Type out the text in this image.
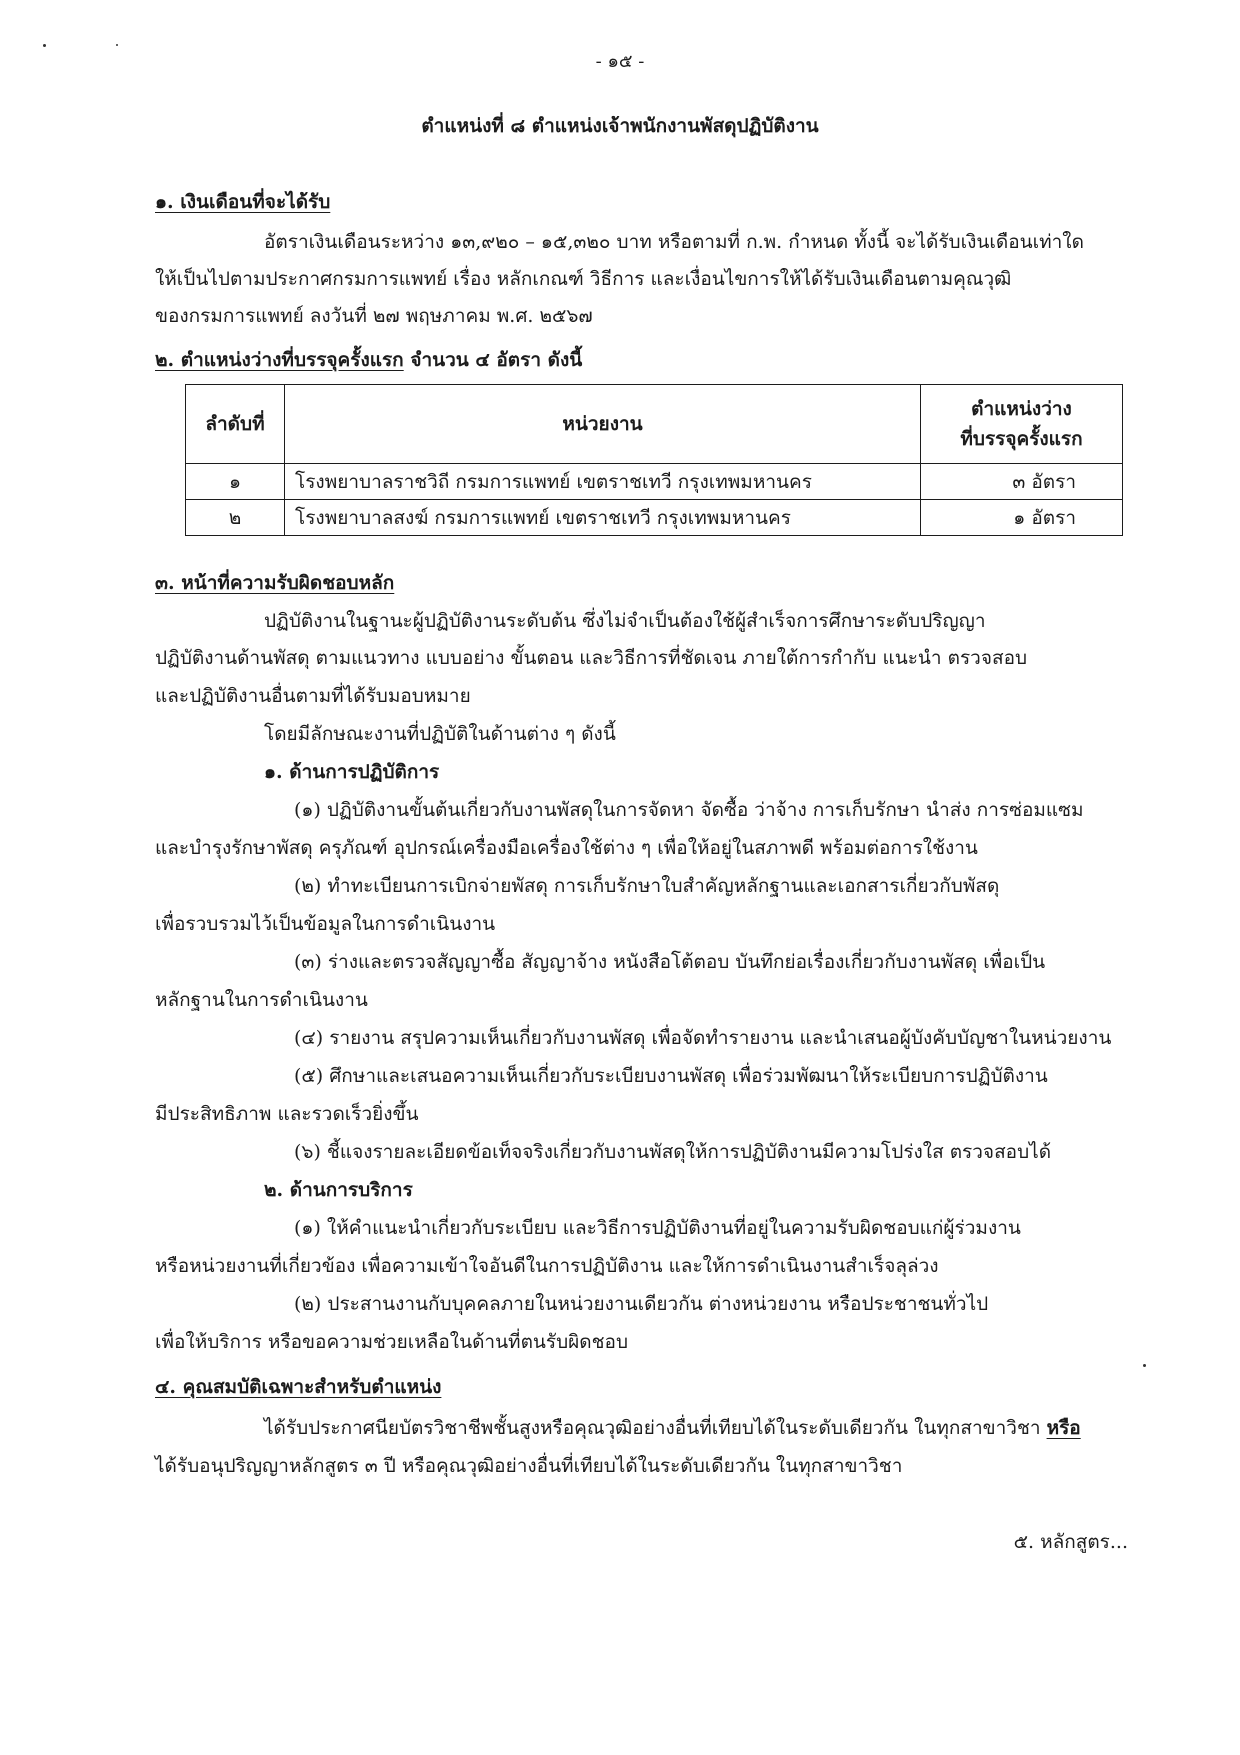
- ๑๕ -
ตำแหน่งที่ ๘ ตำแหน่งเจ้าพนักงานพัสดุปฏิบัติงาน
๑. เงินเดือนที่จะได้รับ
อัตราเงินเดือนระหว่าง ๑๓,๙๒๐ – ๑๕,๓๒๐ บาท หรือตามที่ ก.พ. กำหนด ทั้งนี้ จะได้รับเงินเดือนเท่าใด
ให้เป็นไปตามประกาศกรมการแพทย์ เรื่อง หลักเกณฑ์ วิธีการ และเงื่อนไขการให้ได้รับเงินเดือนตามคุณวุฒิ
ของกรมการแพทย์ ลงวันที่ ๒๗ พฤษภาคม พ.ศ. ๒๕๖๗
๒. ตำแหน่งว่างที่บรรจุครั้งแรก จำนวน ๔ อัตรา ดังนี้
ลำดับที่	หน่วยงาน	ตำแหน่งว่าง
ที่บรรจุครั้งแรก

๑	โรงพยาบาลราชวิถี กรมการแพทย์ เขตราชเทวี กรุงเทพมหานคร	๓ อัตรา
๒	โรงพยาบาลสงฆ์ กรมการแพทย์ เขตราชเทวี กรุงเทพมหานคร	๑ อัตรา
๓. หน้าที่ความรับผิดชอบหลัก
ปฏิบัติงานในฐานะผู้ปฏิบัติงานระดับต้น ซึ่งไม่จำเป็นต้องใช้ผู้สำเร็จการศึกษาระดับปริญญา
ปฏิบัติงานด้านพัสดุ ตามแนวทาง แบบอย่าง ขั้นตอน และวิธีการที่ชัดเจน ภายใต้การกำกับ แนะนำ ตรวจสอบ
และปฏิบัติงานอื่นตามที่ได้รับมอบหมาย
โดยมีลักษณะงานที่ปฏิบัติในด้านต่าง ๆ ดังนี้
๑. ด้านการปฏิบัติการ
(๑) ปฏิบัติงานขั้นต้นเกี่ยวกับงานพัสดุในการจัดหา จัดซื้อ ว่าจ้าง การเก็บรักษา นำส่ง การซ่อมแซม
และบำรุงรักษาพัสดุ ครุภัณฑ์ อุปกรณ์เครื่องมือเครื่องใช้ต่าง ๆ เพื่อให้อยู่ในสภาพดี พร้อมต่อการใช้งาน
(๒) ทำทะเบียนการเบิกจ่ายพัสดุ การเก็บรักษาใบสำคัญหลักฐานและเอกสารเกี่ยวกับพัสดุ
เพื่อรวบรวมไว้เป็นข้อมูลในการดำเนินงาน
(๓) ร่างและตรวจสัญญาซื้อ สัญญาจ้าง หนังสือโต้ตอบ บันทึกย่อเรื่องเกี่ยวกับงานพัสดุ เพื่อเป็น
หลักฐานในการดำเนินงาน
(๔) รายงาน สรุปความเห็นเกี่ยวกับงานพัสดุ เพื่อจัดทำรายงาน และนำเสนอผู้บังคับบัญชาในหน่วยงาน
(๕) ศึกษาและเสนอความเห็นเกี่ยวกับระเบียบงานพัสดุ เพื่อร่วมพัฒนาให้ระเบียบการปฏิบัติงาน
มีประสิทธิภาพ และรวดเร็วยิ่งขึ้น
(๖) ชี้แจงรายละเอียดข้อเท็จจริงเกี่ยวกับงานพัสดุให้การปฏิบัติงานมีความโปร่งใส ตรวจสอบได้
๒. ด้านการบริการ
(๑) ให้คำแนะนำเกี่ยวกับระเบียบ และวิธีการปฏิบัติงานที่อยู่ในความรับผิดชอบแก่ผู้ร่วมงาน
หรือหน่วยงานที่เกี่ยวข้อง เพื่อความเข้าใจอันดีในการปฏิบัติงาน และให้การดำเนินงานสำเร็จลุล่วง
(๒) ประสานงานกับบุคคลภายในหน่วยงานเดียวกัน ต่างหน่วยงาน หรือประชาชนทั่วไป
เพื่อให้บริการ หรือขอความช่วยเหลือในด้านที่ตนรับผิดชอบ
๔. คุณสมบัติเฉพาะสำหรับตำแหน่ง
ได้รับประกาศนียบัตรวิชาชีพชั้นสูงหรือคุณวุฒิอย่างอื่นที่เทียบได้ในระดับเดียวกัน ในทุกสาขาวิชา หรือ
ได้รับอนุปริญญาหลักสูตร ๓ ปี หรือคุณวุฒิอย่างอื่นที่เทียบได้ในระดับเดียวกัน ในทุกสาขาวิชา
๕. หลักสูตร...
